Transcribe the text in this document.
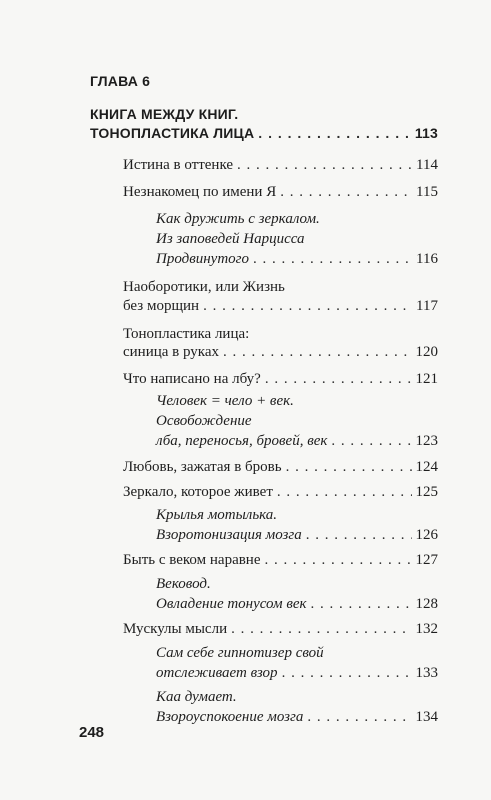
ГЛАВА 6
КНИГА МЕЖДУ КНИГ.
ТОНОПЛАСТИКА ЛИЦА . . .	113
Истина в оттенке . . .	114
Незнакомец по имени Я . . .	115
Как дружить с зеркалом.
Из заповедей Нарцисса
Продвинутого . . .	116
Наоборотики, или Жизнь
без морщин . . .	117
Тонопластика лица:
синица в руках . . .	120
Что написано на лбу? . . .	121
Человек = чело + век.
Освобождение
лба, переносья, бровей, век . . .	123
Любовь, зажатая в бровь . . .	124
Зеркало, которое живет . . .	125
Крылья мотылька.
Взоротонизация мозга . . .	126
Быть с веком наравне . . .	127
Вековод.
Овладение тонусом век . . .	128
Мускулы мысли . . .	132
Сам себе гипнотизер свой
отслеживает взор . . .	133
Каа думает.
Взороуспокоение мозга . . .	134
248
